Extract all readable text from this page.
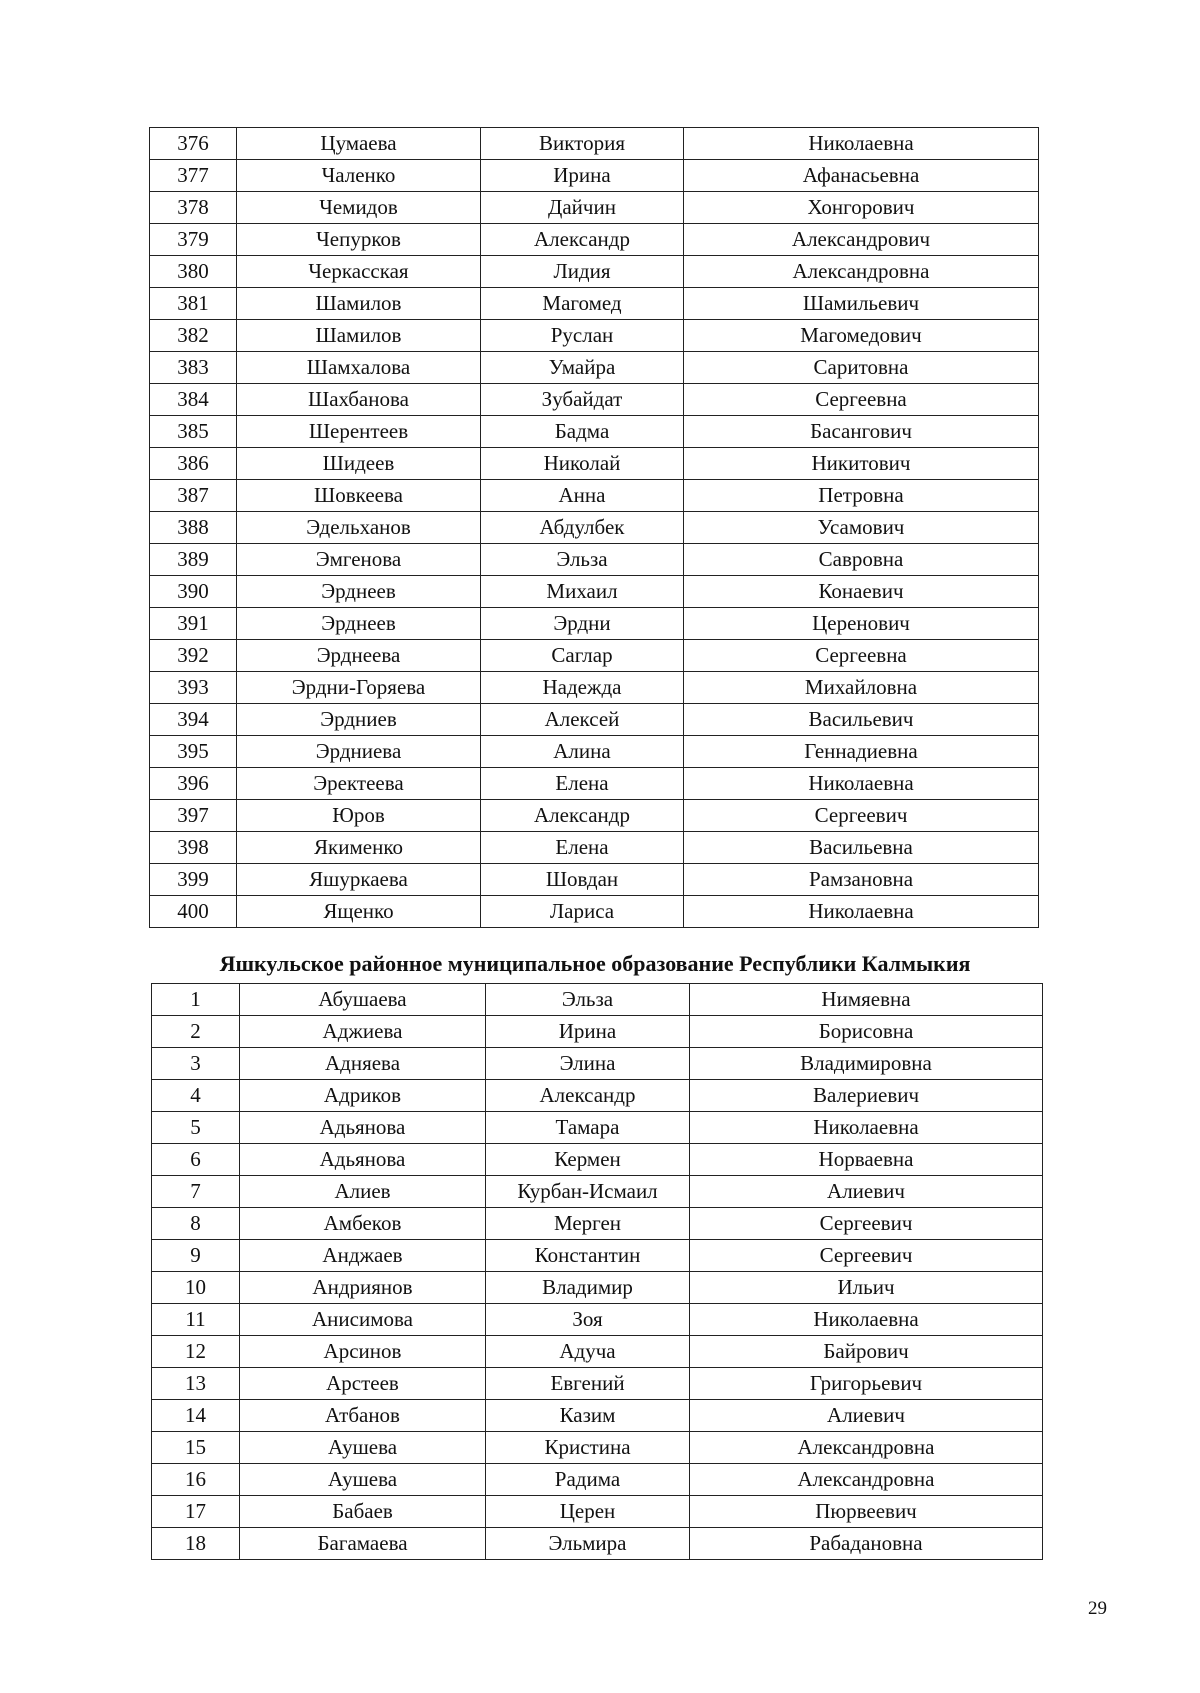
376	Цумаева	Виктория	Николаевна
377	Чаленко	Ирина	Афанасьевна
378	Чемидов	Дайчин	Хонгорович
379	Чепурков	Александр	Александрович
380	Черкасская	Лидия	Александровна
381	Шамилов	Магомед	Шамильевич
382	Шамилов	Руслан	Магомедович
383	Шамхалова	Умайра	Саритовна
384	Шахбанова	Зубайдат	Сергеевна
385	Шерентеев	Бадма	Басангович
386	Шидеев	Николай	Никитович
387	Шовкеева	Анна	Петровна
388	Эдельханов	Абдулбек	Усамович
389	Эмгенова	Эльза	Савровна
390	Эрднеев	Михаил	Конаевич
391	Эрднеев	Эрдни	Церенович
392	Эрднеева	Саглар	Сергеевна
393	Эрдни-Горяева	Надежда	Михайловна
394	Эрдниев	Алексей	Васильевич
395	Эрдниева	Алина	Геннадиевна
396	Эректеева	Елена	Николаевна
397	Юров	Александр	Сергеевич
398	Якименко	Елена	Васильевна
399	Яшуркаева	Шовдан	Рамзановна
400	Ященко	Лариса	Николаевна
Яшкульское районное муниципальное образование Республики Калмыкия
1	Абушаева	Эльза	Нимяевна
2	Аджиева	Ирина	Борисовна
3	Адняева	Элина	Владимировна
4	Адриков	Александр	Валериевич
5	Адьянова	Тамара	Николаевна
6	Адьянова	Кермен	Норваевна
7	Алиев	Курбан-Исмаил	Алиевич
8	Амбеков	Мерген	Сергеевич
9	Анджаев	Константин	Сергеевич
10	Андриянов	Владимир	Ильич
11	Анисимова	Зоя	Николаевна
12	Арсинов	Адуча	Байрович
13	Арстеев	Евгений	Григорьевич
14	Атбанов	Казим	Алиевич
15	Аушева	Кристина	Александровна
16	Аушева	Радима	Александровна
17	Бабаев	Церен	Пюрвеевич
18	Багамаева	Эльмира	Рабадановна
29
